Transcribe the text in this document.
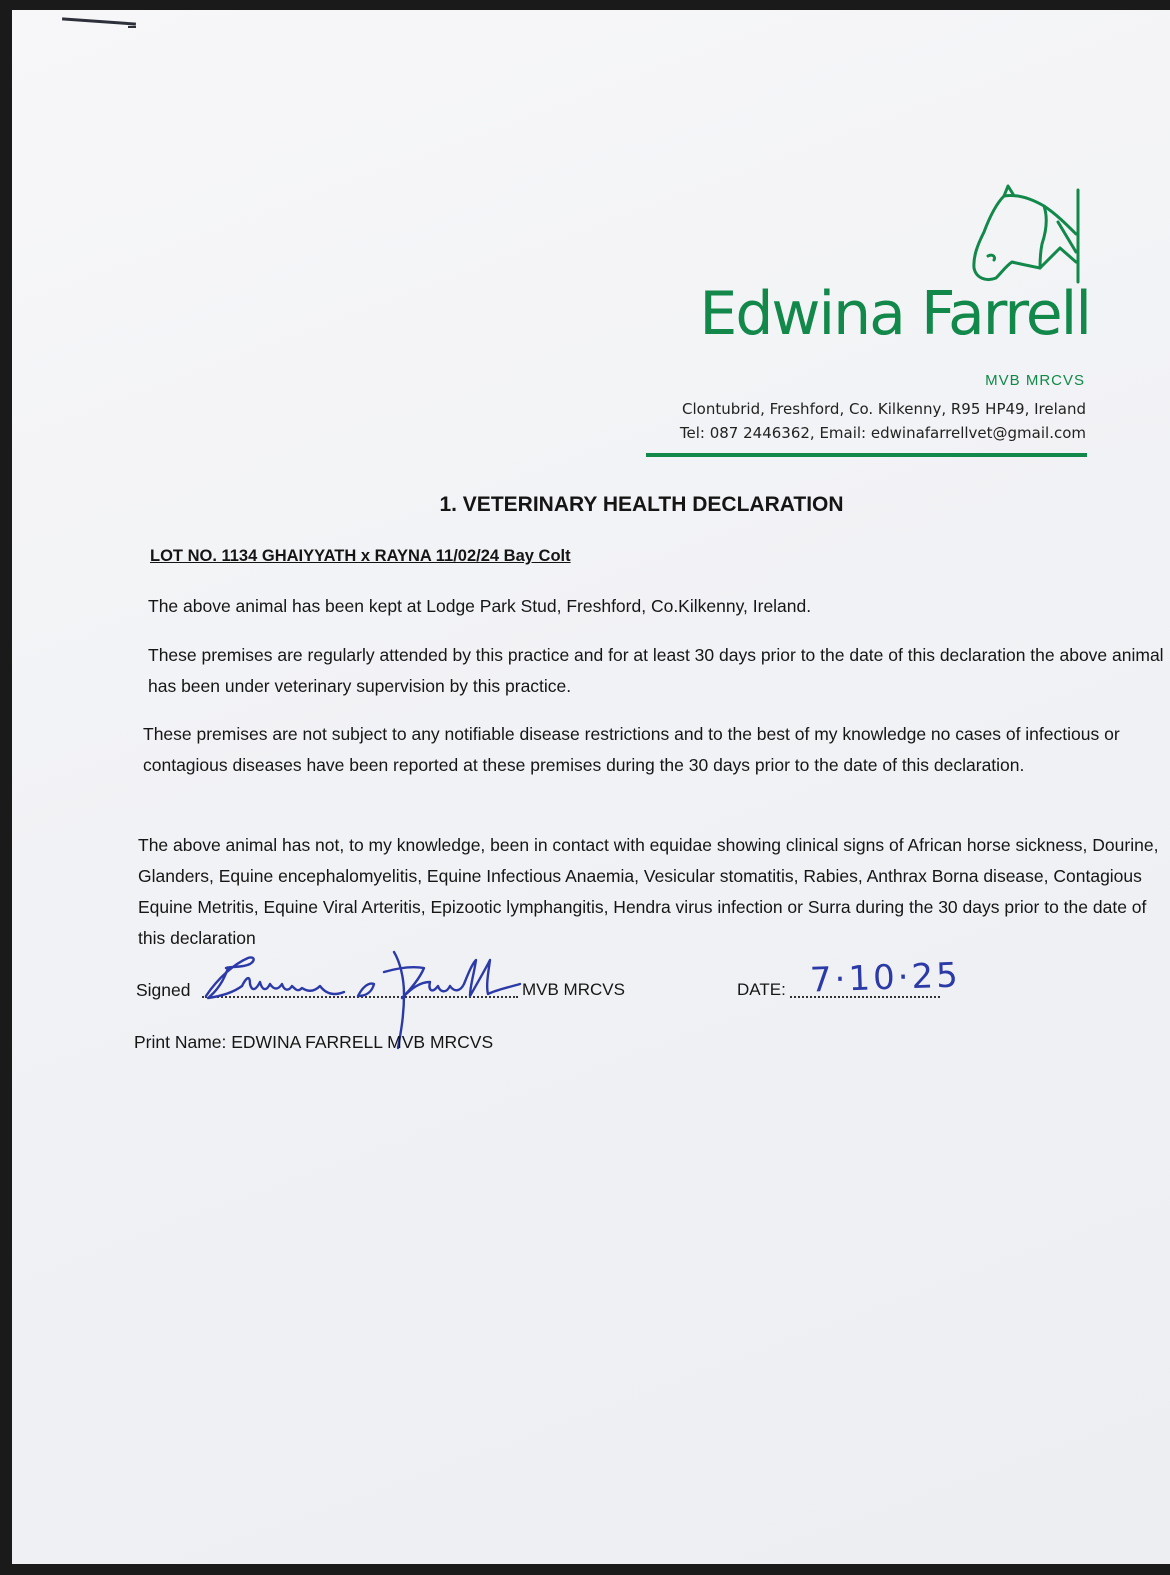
Edwina Farrell
MVB MRCVS
Clontubrid, Freshford, Co. Kilkenny, R95 HP49, Ireland
Tel: 087 2446362, Email: edwinafarrellvet@gmail.com
1. VETERINARY HEALTH DECLARATION
LOT NO. 1134 GHAIYYATH x RAYNA 11/02/24 Bay Colt
The above animal has been kept at Lodge Park Stud, Freshford, Co.Kilkenny, Ireland.
These premises are regularly attended by this practice and for at least 30 days prior to the date of this declaration the above animal has been under veterinary supervision by this practice.
These premises are not subject to any notifiable disease restrictions and to the best of my knowledge no cases of infectious or contagious diseases have been reported at these premises during the 30 days prior to the date of this declaration.
The above animal has not, to my knowledge, been in contact with equidae showing clinical signs of African horse sickness, Dourine, Glanders, Equine encephalomyelitis, Equine Infectious Anaemia, Vesicular stomatitis, Rabies, Anthrax Borna disease, Contagious Equine Metritis, Equine Viral Arteritis, Epizootic lymphangitis, Hendra virus infection or Surra during the 30 days prior to the date of this declaration
Signed	MVB MRCVS	DATE: 7·10·25
Print Name: EDWINA FARRELL MVB MRCVS
